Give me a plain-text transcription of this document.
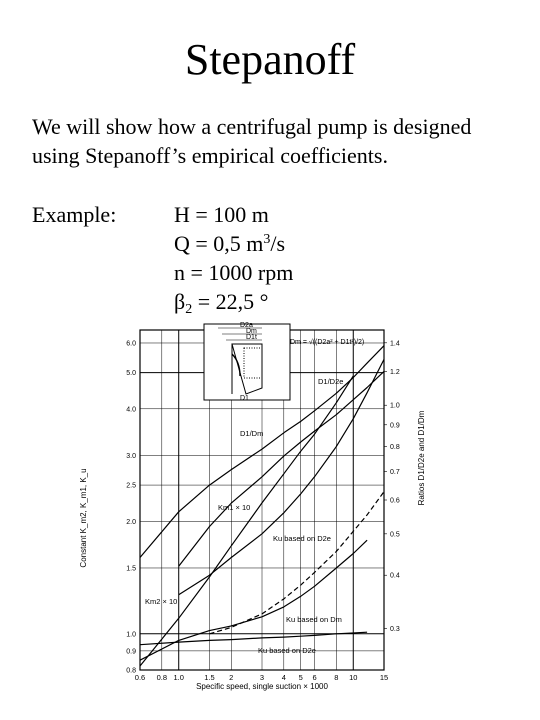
Stepanoff
We will show how a centrifugal pump is designed using Stepanoff’s empirical coefficients.
Example:	H = 100 m
Q = 0,5 $m^3/s$
n = 1000 rpm
$\beta_2 = 22,5$ °
0.6 0.8 1.0	1.5 2	3 4 5 6 8 10	15
0.8
0.9
1.0
1.5
2.0
2.5
3.0
4.0
5.0
6.0
0.3
0.4
0.5
0.6
0.7
0.8
0.9
1.0
1.2
1.4
Specific speed, single suction × 1000
Constant K_m2, K_m1, K_u
Ratios D1/D2e and D1/Dm
D2a
Dm
D1t
D1
Dm = √((D2a² + D1t²)/2)
D1/D2e
D1/Dm
Km1 × 10
Km2 × 10
Ku based on D2e
Ku based on Dm
Ku based on D2e
